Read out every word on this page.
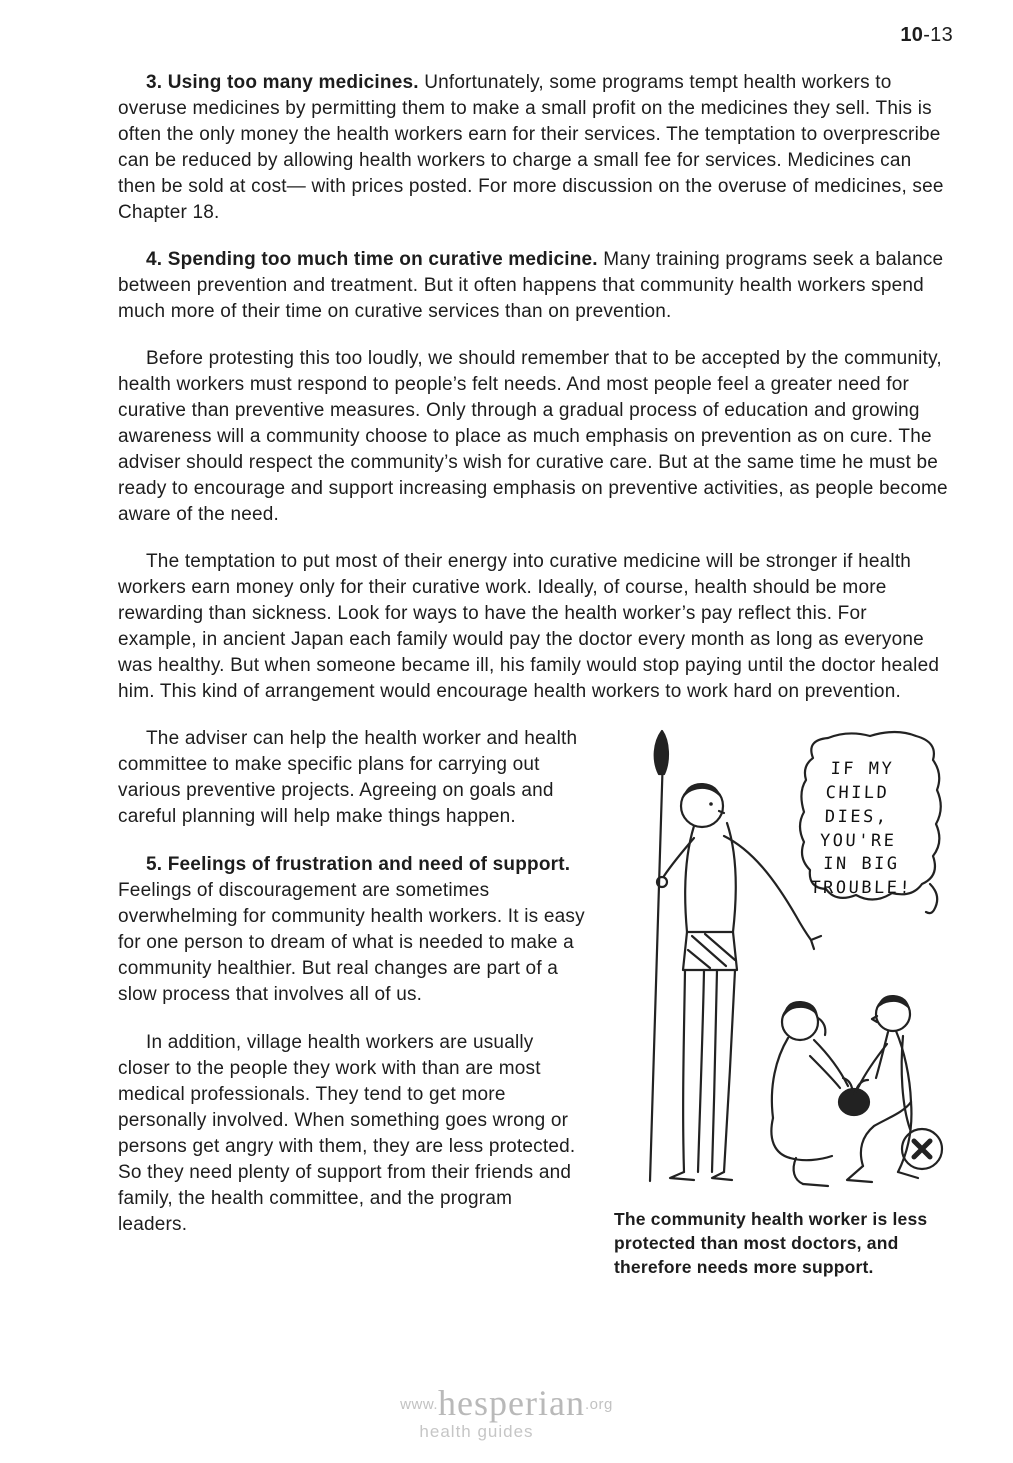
10-13

3. Using too many medicines. Unfortunately, some programs tempt health workers to overuse medicines by permitting them to make a small profit on the medicines they sell. This is often the only money the health workers earn for their services. The temptation to overprescribe can be reduced by allowing health workers to charge a small fee for services. Medicines can then be sold at cost— with prices posted. For more discussion on the overuse of medicines, see Chapter 18.

4. Spending too much time on curative medicine. Many training programs seek a balance between prevention and treatment. But it often happens that community health workers spend much more of their time on curative services than on prevention.

Before protesting this too loudly, we should remember that to be accepted by the community, health workers must respond to people’s felt needs. And most people feel a greater need for curative than preventive measures. Only through a gradual process of education and growing awareness will a community choose to place as much emphasis on prevention as on cure. The adviser should respect the community’s wish for curative care. But at the same time he must be ready to encourage and support increasing emphasis on preventive activities, as people become aware of the need.

The temptation to put most of their energy into curative medicine will be stronger if health workers earn money only for their curative work. Ideally, of course, health should be more rewarding than sickness. Look for ways to have the health worker’s pay reflect this. For example, in ancient Japan each family would pay the doctor every month as long as everyone was healthy. But when someone became ill, his family would stop paying until the doctor healed him. This kind of arrangement would encourage health workers to work hard on prevention.

The adviser can help the health worker and health committee to make specific plans for carrying out various preventive projects. Agreeing on goals and careful planning will help make things happen.

5. Feelings of frustration and need of support. Feelings of discouragement are sometimes overwhelming for community health workers. It is easy for one person to dream of what is needed to make a community healthier. But real changes are part of a slow process that involves all of us.

In addition, village health workers are usually closer to the people they work with than are most medical professionals. They tend to get more personally involved. When something goes wrong or persons get angry with them, they are less protected. So they need plenty of support from their friends and family, the health committee, and the program leaders.

IF MY
CHILD
DIES,
YOU'RE
IN BIG
TROUBLE!
The community health worker is less protected than most doctors, and therefore needs more support.
www.hesperian.org
health guides
